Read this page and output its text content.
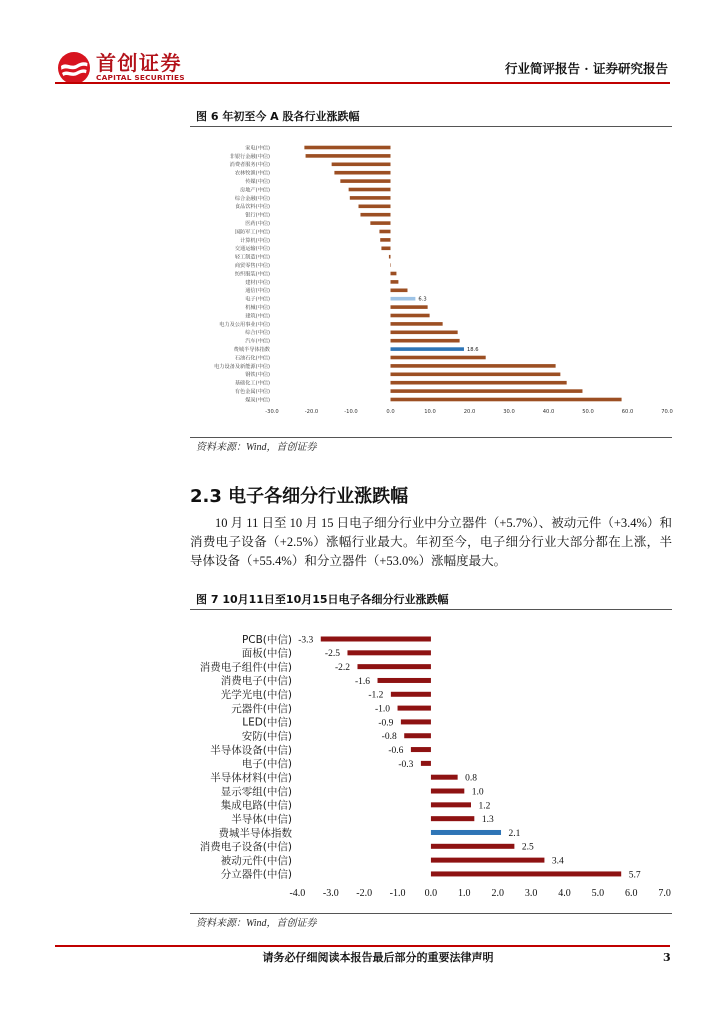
首创证券
CAPITAL SECURITIES
行业简评报告 · 证券研究报告
图 6 年初至今 A 股各行业涨跌幅
家电(中信)
非银行金融(中信)
消费者服务(中信)
农林牧渔(中信)
传媒(中信)
房地产(中信)
综合金融(中信)
食品饮料(中信)
银行(中信)
医药(中信)
国防军工(中信)
计算机(中信)
交通运输(中信)
轻工制造(中信)
商贸零售(中信)
纺织服装(中信)
建材(中信)
通信(中信)
电子(中信)	6.3
机械(中信)
建筑(中信)
电力及公用事业(中信)
综合(中信)
汽车(中信)
费城半导体指数	18.6
石油石化(中信)
电力设备及新能源(中信)
钢铁(中信)
基础化工(中信)
有色金属(中信)
煤炭(中信)
-30.0	-20.0	-10.0	0.0	10.0	20.0	30.0	40.0	50.0	60.0	70.0
资料来源：Wind，首创证券
2.3 电子各细分行业涨跌幅

10 月 11 日至 10 月 15 日电子细分行业中分立器件（+5.7%）、被动元件（+3.4%）和消费电子设备（+2.5%）涨幅行业最大。年初至今，电子细分行业大部分都在上涨，半导体设备（+55.4%）和分立器件（+53.0%）涨幅度最大。

图 7 10月11日至10月15日电子各细分行业涨跌幅
PCB(中信) -3.3
面板(中信)	-2.5
消费电子组件(中信)	-2.2
消费电子(中信)	-1.6
光学光电(中信)	-1.2
元器件(中信)	-1.0
LED(中信)	-0.9
安防(中信)	-0.8
半导体设备(中信)	-0.6
电子(中信)	-0.3
半导体材料(中信)	0.8
显示零组(中信)	1.0
集成电路(中信)	1.2
半导体(中信)	1.3
费城半导体指数	2.1
消费电子设备(中信)	2.5
被动元件(中信)	3.4
分立器件(中信)	5.7
-4.0 -3.0 -2.0 -1.0 0.0 1.0 2.0 3.0 4.0 5.0 6.0 7.0
资料来源：Wind，首创证券
请务必仔细阅读本报告最后部分的重要法律声明	3
